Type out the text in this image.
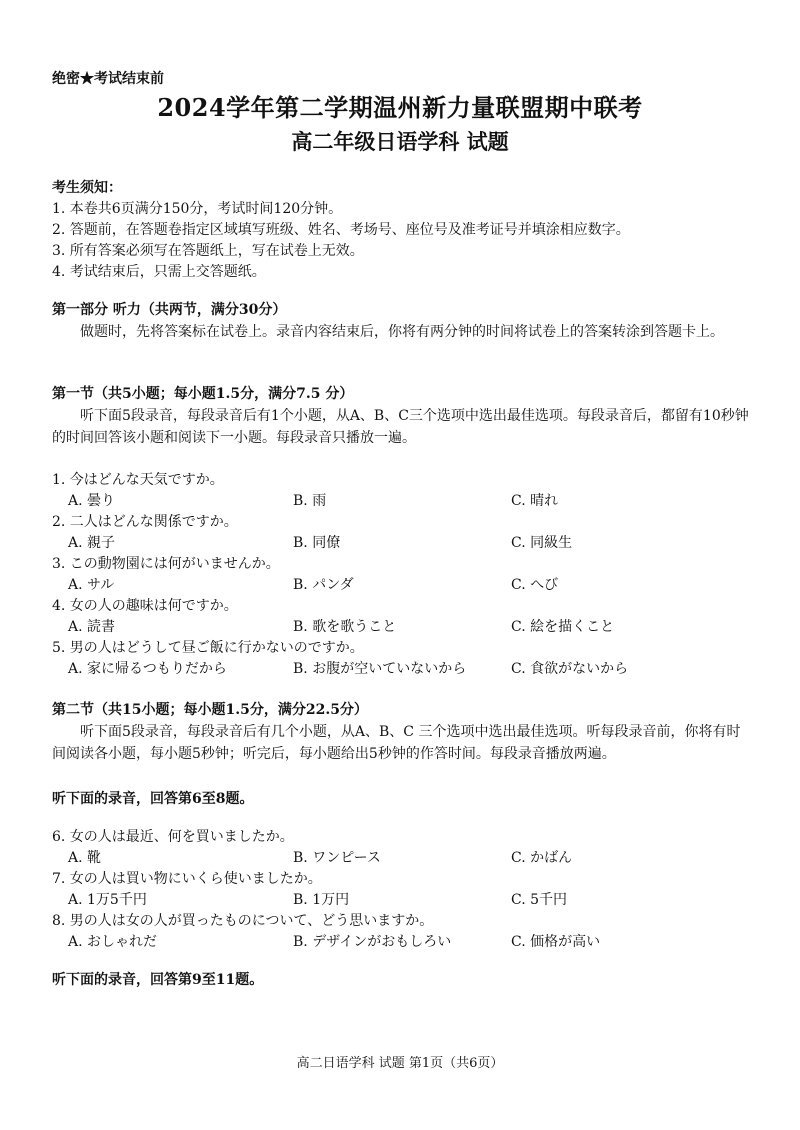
绝密★考试结束前
2024学年第二学期温州新力量联盟期中联考
高二年级日语学科 试题
考生须知：
1. 本卷共6页满分150分，考试时间120分钟。
2. 答题前，在答题卷指定区域填写班级、姓名、考场号、座位号及准考证号并填涂相应数字。
3. 所有答案必须写在答题纸上，写在试卷上无效。
4. 考试结束后，只需上交答题纸。
第一部分 听力（共两节，满分30分）
做题时，先将答案标在试卷上。录音内容结束后，你将有两分钟的时间将试卷上的答案转涂到答题卡上。
第一节（共5小题；每小题1.5分，满分7.5 分）
听下面5段录音，每段录音后有1个小题，从A、B、C三个选项中选出最佳选项。每段录音后，都留有10秒钟的时间回答该小题和阅读下一小题。每段录音只播放一遍。
1. 今はどんな天気ですか。
A. 曇り	B. 雨	C. 晴れ
2. 二人はどんな関係ですか。
A. 親子	B. 同僚	C. 同級生
3. この動物園には何がいませんか。
A. サル	B. パンダ	C. へび
4. 女の人の趣味は何ですか。
A. 読書	B. 歌を歌うこと	C. 絵を描くこと
5. 男の人はどうして昼ご飯に行かないのですか。
A. 家に帰るつもりだから	B. お腹が空いていないから	C. 食欲がないから
第二节（共15小题；每小题1.5分，满分22.5分）
听下面5段录音，每段录音后有几个小题，从A、B、C 三个选项中选出最佳选项。听每段录音前，你将有时间阅读各小题，每小题5秒钟；听完后，每小题给出5秒钟的作答时间。每段录音播放两遍。
听下面的录音，回答第6至8题。
6. 女の人は最近、何を買いましたか。
A. 靴	B. ワンピース	C. かばん
7. 女の人は買い物にいくら使いましたか。
A. 1万5千円	B. 1万円	C. 5千円
8. 男の人は女の人が買ったものについて、どう思いますか。
A. おしゃれだ	B. デザインがおもしろい	C. 価格が高い
听下面的录音，回答第9至11题。
高二日语学科 试题 第1页（共6页）
